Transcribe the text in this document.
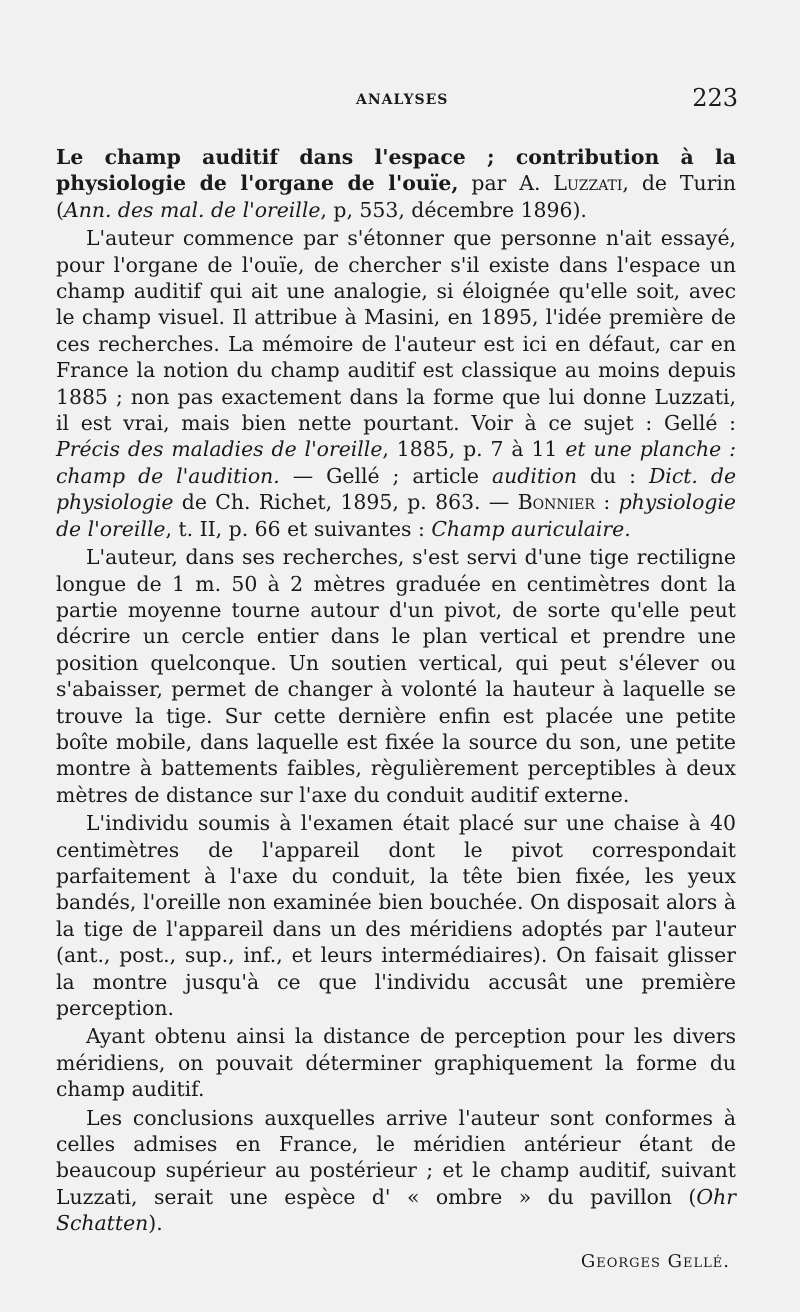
ANALYSES	223

Le champ auditif dans l'espace ; contribution à la physiologie de l'organe de l'ouïe, par A. Luzzati, de Turin (Ann. des mal. de l'oreille, p, 553, décembre 1896).

L'auteur commence par s'étonner que personne n'ait essayé, pour l'organe de l'ouïe, de chercher s'il existe dans l'espace un champ auditif qui ait une analogie, si éloignée qu'elle soit, avec le champ visuel. Il attribue à Masini, en 1895, l'idée première de ces recherches. La mémoire de l'auteur est ici en défaut, car en France la notion du champ auditif est classique au moins depuis 1885 ; non pas exactement dans la forme que lui donne Luzzati, il est vrai, mais bien nette pourtant. Voir à ce sujet : Gellé : Précis des maladies de l'oreille, 1885, p. 7 à 11 et une planche : champ de l'audition. — Gellé ; article audition du : Dict. de physiologie de Ch. Richet, 1895, p. 863. — Bonnier : physiologie de l'oreille, t. II, p. 66 et suivantes : Champ auriculaire.

L'auteur, dans ses recherches, s'est servi d'une tige rectiligne longue de 1 m. 50 à 2 mètres graduée en centimètres dont la partie moyenne tourne autour d'un pivot, de sorte qu'elle peut décrire un cercle entier dans le plan vertical et prendre une position quelconque. Un soutien vertical, qui peut s'élever ou s'abaisser, permet de changer à volonté la hauteur à laquelle se trouve la tige. Sur cette dernière enfin est placée une petite boîte mobile, dans laquelle est fixée la source du son, une petite montre à battements faibles, règulièrement perceptibles à deux mètres de distance sur l'axe du conduit auditif externe.

L'individu soumis à l'examen était placé sur une chaise à 40 centimètres de l'appareil dont le pivot correspondait parfaitement à l'axe du conduit, la tête bien fixée, les yeux bandés, l'oreille non examinée bien bouchée. On disposait alors à la tige de l'appareil dans un des méridiens adoptés par l'auteur (ant., post., sup., inf., et leurs intermédiaires). On faisait glisser la montre jusqu'à ce que l'individu accusât une première perception.

Ayant obtenu ainsi la distance de perception pour les divers méridiens, on pouvait déterminer graphiquement la forme du champ auditif.

Les conclusions auxquelles arrive l'auteur sont conformes à celles admises en France, le méridien antérieur étant de beaucoup supérieur au postérieur ; et le champ auditif, suivant Luzzati, serait une espèce d' « ombre » du pavillon (Ohr Schatten).

Georges Gellé.
